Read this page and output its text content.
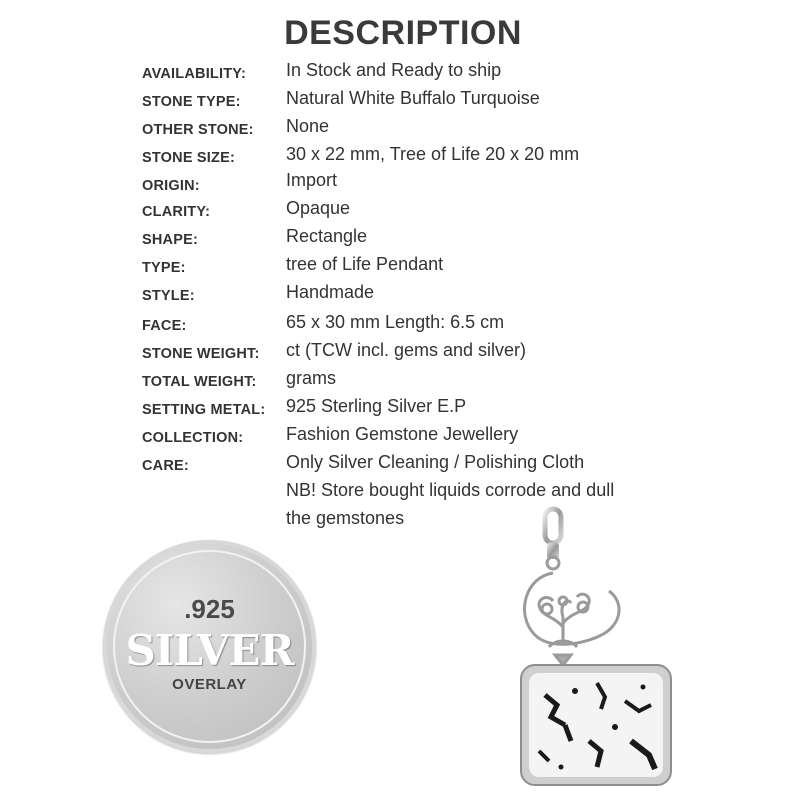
DESCRIPTION
AVAILABILITY: In Stock and Ready to ship
STONE TYPE:	Natural White Buffalo Turquoise
OTHER STONE: None
STONE SIZE:	30 x 22 mm, Tree of Life 20 x 20 mm
ORIGIN:	Import
CLARITY:	Opaque
SHAPE:	Rectangle
TYPE:	tree of Life Pendant
STYLE:	Handmade
FACE:	65 x 30 mm Length: 6.5 cm
STONE WEIGHT: ct (TCW incl. gems and silver)
TOTAL WEIGHT: grams
SETTING METAL: 925 Sterling Silver E.P
COLLECTION: Fashion Gemstone Jewellery
CARE:	Only Silver Cleaning / Polishing Cloth
NB! Store bought liquids corrode and dull
the gemstones
.925
SILVER
OVERLAY
